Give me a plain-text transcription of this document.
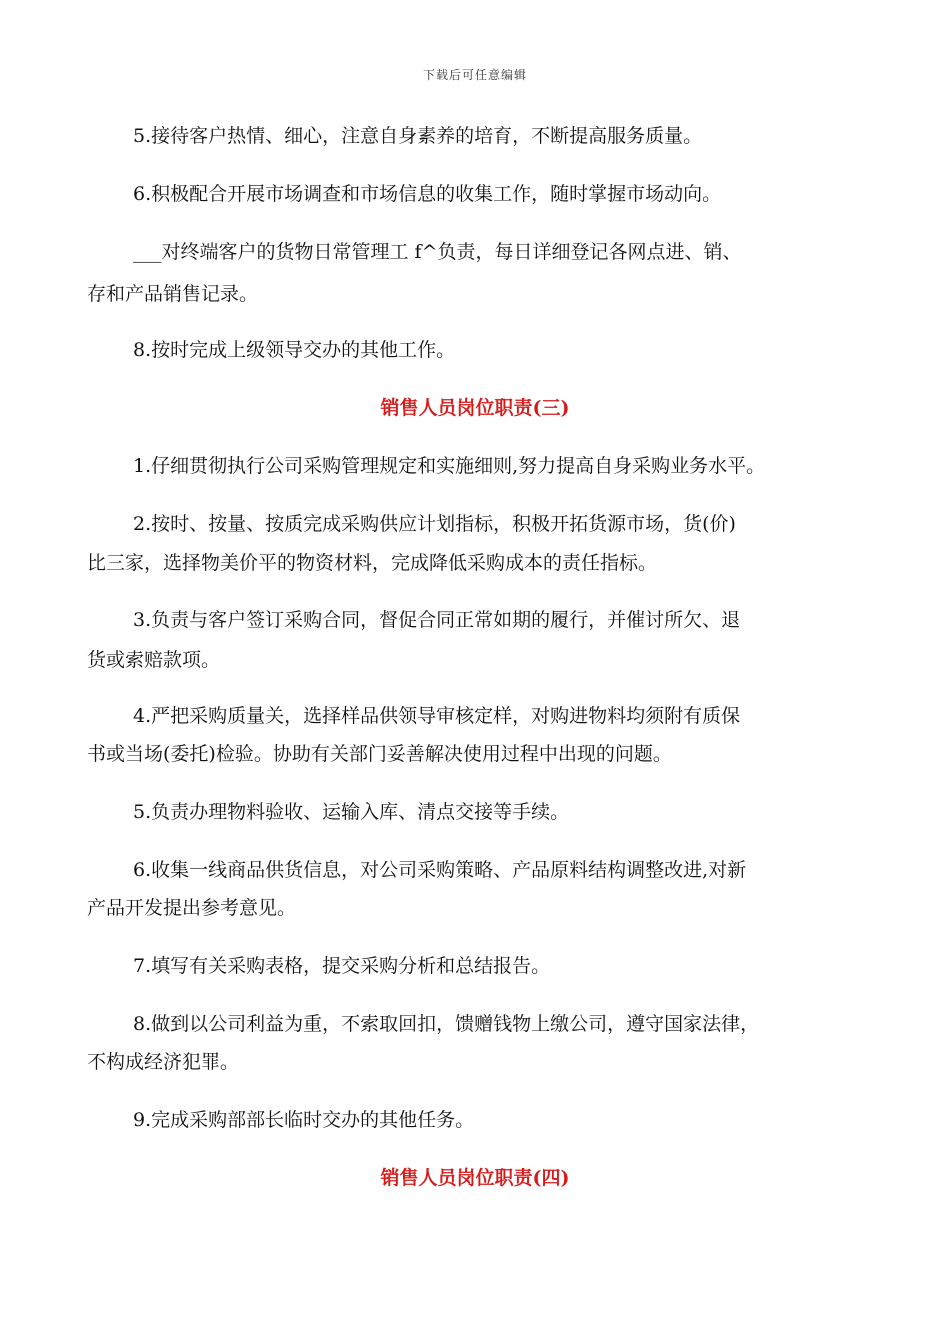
下载后可任意编辑
5.接待客户热情、细心，注意自身素养的培育，不断提高服务质量。
6.积极配合开展市场调查和市场信息的收集工作，随时掌握市场动向。
___对终端客户的货物日常管理工 f^负责，每日详细登记各网点进、销、
存和产品销售记录。
8.按时完成上级领导交办的其他工作。
销售人员岗位职责(三)
1.仔细贯彻执行公司采购管理规定和实施细则,努力提高自身采购业务水平。
2.按时、按量、按质完成采购供应计划指标，积极开拓货源市场，货(价)
比三家，选择物美价平的物资材料，完成降低采购成本的责任指标。
3.负责与客户签订采购合同，督促合同正常如期的履行，并催讨所欠、退
货或索赔款项。
4.严把采购质量关，选择样品供领导审核定样，对购进物料均须附有质保
书或当场(委托)检验。协助有关部门妥善解决使用过程中出现的问题。
5.负责办理物料验收、运输入库、清点交接等手续。
6.收集一线商品供货信息，对公司采购策略、产品原料结构调整改进,对新
产品开发提出参考意见。
7.填写有关采购表格，提交采购分析和总结报告。
8.做到以公司利益为重，不索取回扣，馈赠钱物上缴公司，遵守国家法律，
不构成经济犯罪。
9.完成采购部部长临时交办的其他任务。
销售人员岗位职责(四)
